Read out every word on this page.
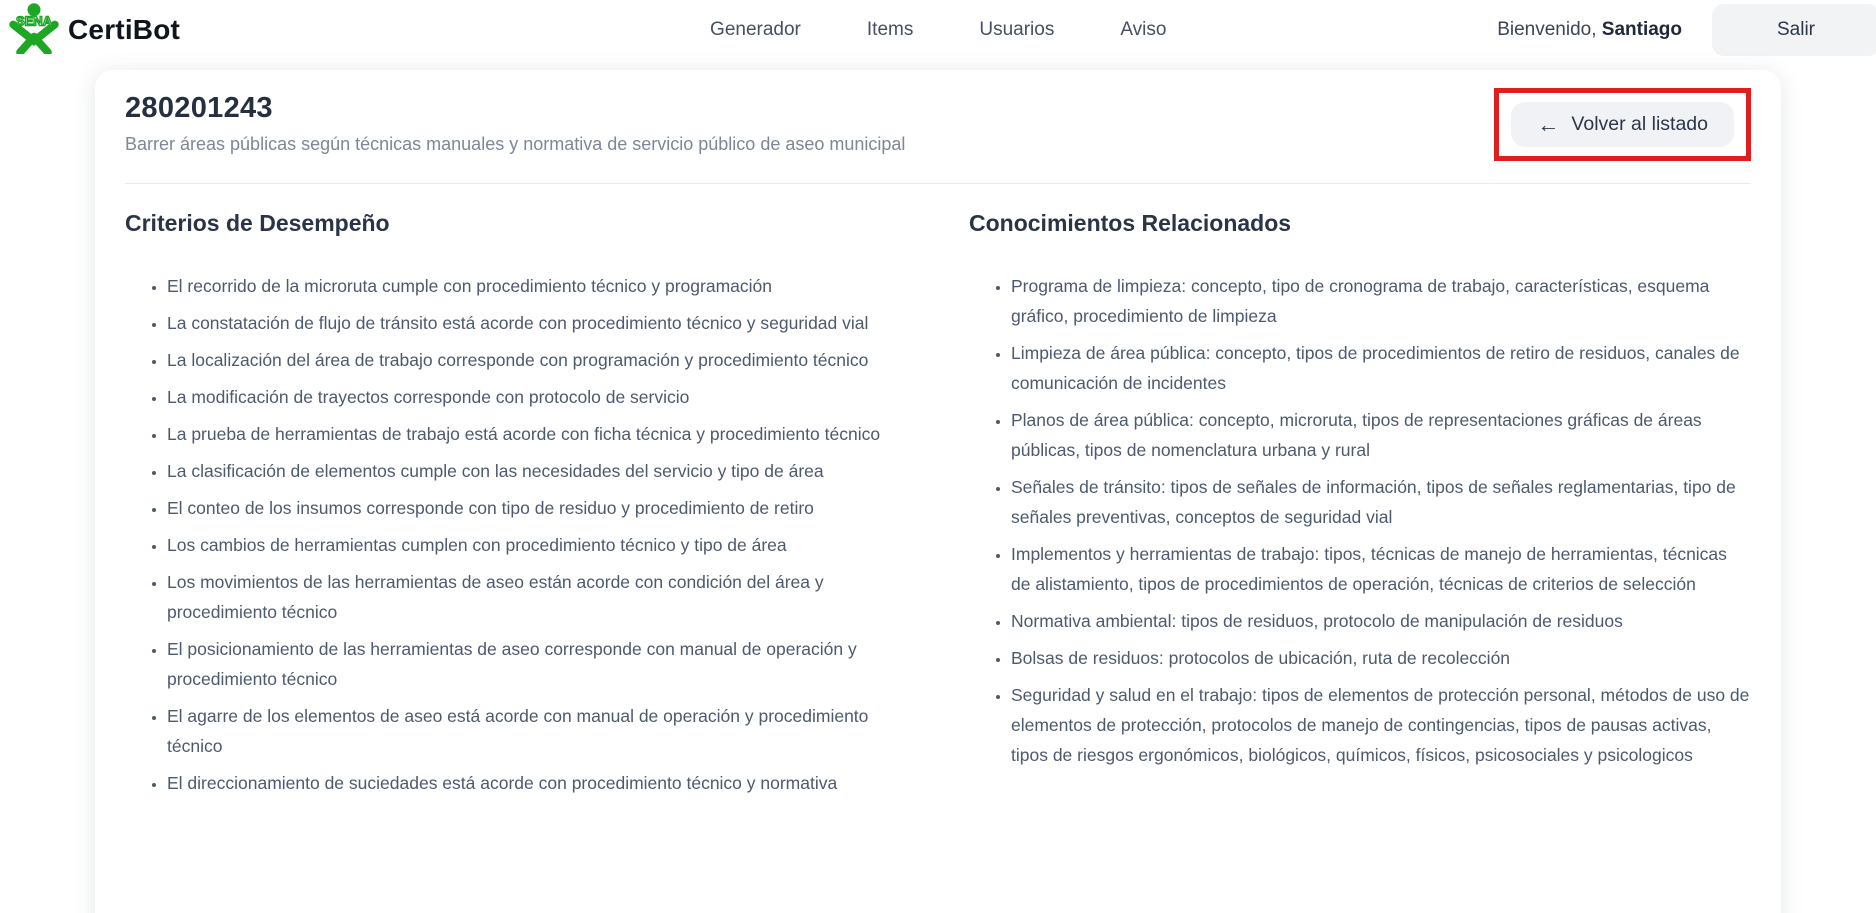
SENA CertiBot	Generador	Items	Usuarios	Aviso	Bienvenido, Santiago	Salir
280201243

Barrer áreas públicas según técnicas manuales y normativa de servicio público de aseo municipal

← Volver al listado
Criterios de Desempeño
• El recorrido de la microruta cumple con procedimiento técnico y programación
• La constatación de flujo de tránsito está acorde con procedimiento técnico y seguridad vial
• La localización del área de trabajo corresponde con programación y procedimiento técnico
• La modificación de trayectos corresponde con protocolo de servicio
• La prueba de herramientas de trabajo está acorde con ficha técnica y procedimiento técnico
• La clasificación de elementos cumple con las necesidades del servicio y tipo de área
• El conteo de los insumos corresponde con tipo de residuo y procedimiento de retiro
• Los cambios de herramientas cumplen con procedimiento técnico y tipo de área
• Los movimientos de las herramientas de aseo están acorde con condición del área y procedimiento técnico
• El posicionamiento de las herramientas de aseo corresponde con manual de operación y procedimiento técnico
• El agarre de los elementos de aseo está acorde con manual de operación y procedimiento técnico
• El direccionamiento de suciedades está acorde con procedimiento técnico y normativa
Conocimientos Relacionados
• Programa de limpieza: concepto, tipo de cronograma de trabajo, características, esquema gráfico, procedimiento de limpieza
• Limpieza de área pública: concepto, tipos de procedimientos de retiro de residuos, canales de comunicación de incidentes
• Planos de área pública: concepto, microruta, tipos de representaciones gráficas de áreas públicas, tipos de nomenclatura urbana y rural
• Señales de tránsito: tipos de señales de información, tipos de señales reglamentarias, tipo de señales preventivas, conceptos de seguridad vial
• Implementos y herramientas de trabajo: tipos, técnicas de manejo de herramientas, técnicas de alistamiento, tipos de procedimientos de operación, técnicas de criterios de selección
• Normativa ambiental: tipos de residuos, protocolo de manipulación de residuos
• Bolsas de residuos: protocolos de ubicación, ruta de recolección
• Seguridad y salud en el trabajo: tipos de elementos de protección personal, métodos de uso de elementos de protección, protocolos de manejo de contingencias, tipos de pausas activas, tipos de riesgos ergonómicos, biológicos, químicos, físicos, psicosociales y psicologicos
